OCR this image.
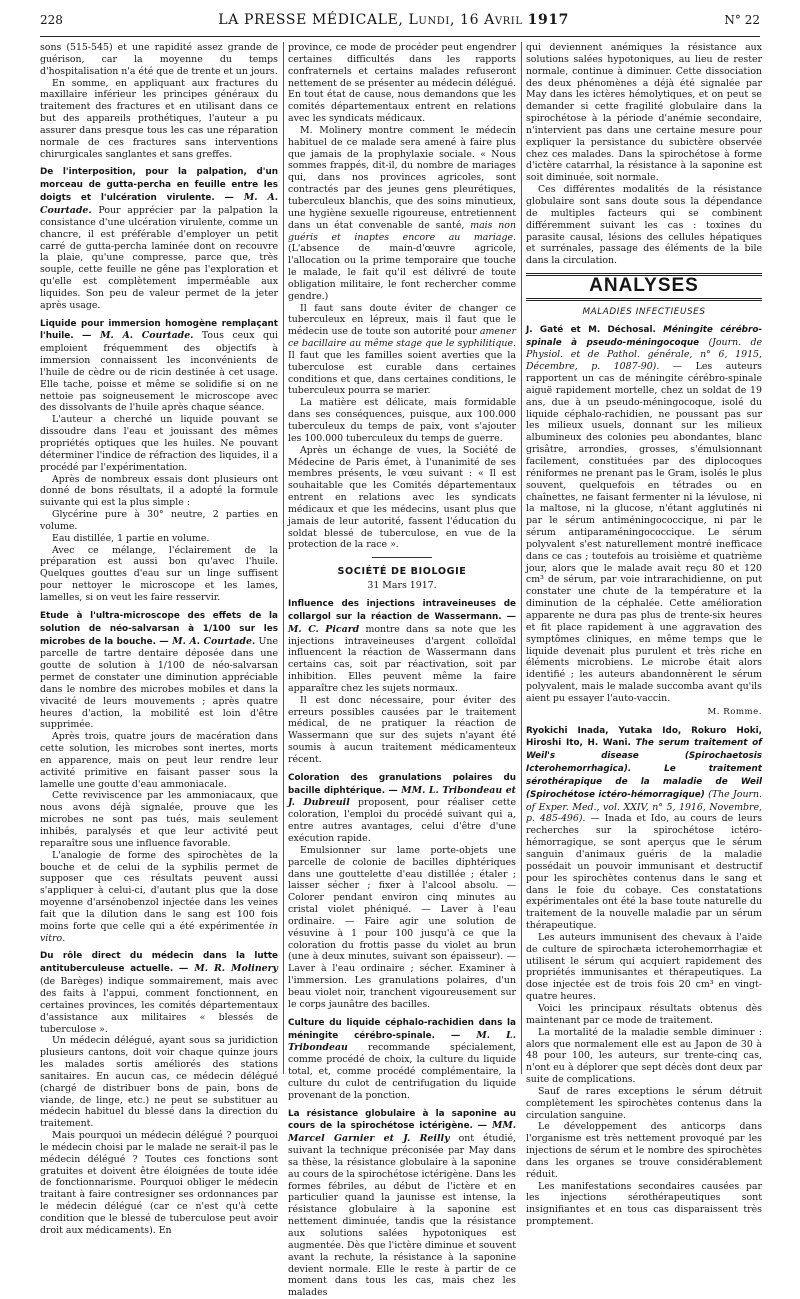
228	LA PRESSE MÉDICALE, Lundi, 16 Avril 1917	N° 22

sons (515-545) et une rapidité assez grande de guérison, car la moyenne du temps d'hospitalisation n'a été que de trente et un jours.

En somme, en appliquant aux fractures du maxillaire inférieur les principes généraux du traitement des fractures et en utilisant dans ce but des appareils prothétiques, l'auteur a pu assurer dans presque tous les cas une réparation normale de ces fractures sans interventions chirurgicales sanglantes et sans greffes.

De l'interposition, pour la palpation, d'un morceau de gutta-percha en feuille entre les doigts et l'ulcération virulente. — M. A. Courtade. Pour apprécier par la palpation la consistance d'une ulcération virulente, comme un chancre, il est préférable d'employer un petit carré de gutta-percha laminée dont on recouvre la plaie, qu'une compresse, parce que, très souple, cette feuille ne gêne pas l'exploration et qu'elle est complètement imperméable aux liquides. Son peu de valeur permet de la jeter après usage.

Liquide pour immersion homogène remplaçant l'huile. — M. A. Courtade. Tous ceux qui emploient fréquemment des objectifs à immersion connaissent les inconvénients de l'huile de cèdre ou de ricin destinée à cet usage. Elle tache, poisse et même se solidifie si on ne nettoie pas soigneusement le microscope avec des dissolvants de l'huile après chaque séance.

L'auteur a cherché un liquide pouvant se dissoudre dans l'eau et jouissant des mêmes propriétés optiques que les huiles. Ne pouvant déterminer l'indice de réfraction des liquides, il a procédé par l'expérimentation.

Après de nombreux essais dont plusieurs ont donné de bons résultats, il a adopté la formule suivante qui est la plus simple :

Glycérine pure à 30° neutre, 2 parties en volume.

Eau distillée, 1 partie en volume.

Avec ce mélange, l'éclairement de la préparation est aussi bon qu'avec l'huile. Quelques gouttes d'eau sur un linge suffisent pour nettoyer le microscope et les lames, lamelles, si on veut les faire resservir.

Etude à l'ultra-microscope des effets de la solution de néo-salvarsan à 1/100 sur les microbes de la bouche. — M. A. Courtade. Une parcelle de tartre dentaire déposée dans une goutte de solution à 1/100 de néo-salvarsan permet de constater une diminution appréciable dans le nombre des microbes mobiles et dans la vivacité de leurs mouvements ; après quatre heures d'action, la mobilité est loin d'être supprimée.

Après trois, quatre jours de macération dans cette solution, les microbes sont inertes, morts en apparence, mais on peut leur rendre leur activité primitive en faisant passer sous la lamelle une goutte d'eau ammoniacale.

Cette reviviscence par les ammoniacaux, que nous avons déjà signalée, prouve que les microbes ne sont pas tués, mais seulement inhibés, paralysés et que leur activité peut reparaître sous une influence favorable.

L'analogie de forme des spirochètes de la bouche et de celui de la syphilis permet de supposer que ces résultats peuvent aussi s'appliquer à celui-ci, d'autant plus que la dose moyenne d'arsénobenzol injectée dans les veines fait que la dilution dans le sang est 100 fois moins forte que celle qui a été expérimentée in vitro.

Du rôle direct du médecin dans la lutte antituberculeuse actuelle. — M. R. Molinery (de Barèges) indique sommairement, mais avec des faits à l'appui, comment fonctionnent, en certaines provinces, les comités départementaux d'assistance aux militaires « blessés de tuberculose ».

Un médecin délégué, ayant sous sa juridiction plusieurs cantons, doit voir chaque quinze jours les malades sortis améliorés des stations sanitaires. En aucun cas, ce médecin délégué (chargé de distribuer bons de pain, bons de viande, de linge, etc.) ne peut se substituer au médecin habituel du blessé dans la direction du traitement.

Mais pourquoi un médecin délégué ? pourquoi le médecin choisi par le malade ne serait-il pas le médecin délégué ? Toutes ces fonctions sont gratuites et doivent être éloignées de toute idée de fonctionnarisme. Pourquoi obliger le médecin traitant à faire contresigner ses ordonnances par le médecin délégué (car ce n'est qu'à cette condition que le blessé de tuberculose peut avoir droit aux médicaments). En

province, ce mode de procéder peut engendrer certaines difficultés dans les rapports confraternels et certains malades refuseront nettement de se présenter au médecin délégué. En tout état de cause, nous demandons que les comités départementaux entrent en relations avec les syndicats médicaux.

M. Molinery montre comment le médecin habituel de ce malade sera amené à faire plus que jamais de la prophylaxie sociale. « Nous sommes frappés, dit-il, du nombre de mariages qui, dans nos provinces agricoles, sont contractés par des jeunes gens pleurétiques, tuberculeux blanchis, que des soins minutieux, une hygiène sexuelle rigoureuse, entretiennent dans un état convenable de santé, mais non guéris et inaptes encore au mariage. (L'absence de main-d'œuvre agricole, l'allocation ou la prime temporaire que touche le malade, le fait qu'il est délivré de toute obligation militaire, le font rechercher comme gendre.)

Il faut sans doute éviter de changer ce tuberculeux en lépreux, mais il faut que le médecin use de toute son autorité pour amener ce bacillaire au même stage que le syphilitique. Il faut que les familles soient averties que la tuberculose est curable dans certaines conditions et que, dans certaines conditions, le tuberculeux pourra se marier.

La matière est délicate, mais formidable dans ses conséquences, puisque, aux 100.000 tuberculeux du temps de paix, vont s'ajouter les 100.000 tuberculeux du temps de guerre.

Après un échange de vues, la Société de Médecine de Paris émet, à l'unanimité de ses membres présents, le vœu suivant : « Il est souhaitable que les Comités départementaux entrent en relations avec les syndicats médicaux et que les médecins, usant plus que jamais de leur autorité, fassent l'éducation du soldat blessé de tuberculose, en vue de la protection de la race ».

SOCIÉTÉ DE BIOLOGIE

31 Mars 1917.

Influence des injections intraveineuses de collargol sur la réaction de Wassermann. — M. C. Picard montre dans sa note que les injections intraveineuses d'argent colloïdal influencent la réaction de Wassermann dans certains cas, soit par réactivation, soit par inhibition. Elles peuvent même la faire apparaître chez les sujets normaux.

Il est donc nécessaire, pour éviter des erreurs possibles causées par le traitement médical, de ne pratiquer la réaction de Wassermann que sur des sujets n'ayant été soumis à aucun traitement médicamenteux récent.

Coloration des granulations polaires du bacille diphtérique. — MM. L. Tribondeau et J. Dubreuil proposent, pour réaliser cette coloration, l'emploi du procédé suivant qui a, entre autres avantages, celui d'être d'une exécution rapide.

Emulsionner sur lame porte-objets une parcelle de colonie de bacilles diphtériques dans une gouttelette d'eau distillée ; étaler ; laisser sécher ; fixer à l'alcool absolu. — Colorer pendant environ cinq minutes au cristal violet phéniqué. — Laver à l'eau ordinaire. — Faire agir une solution de vésuvine à 1 pour 100 jusqu'à ce que la coloration du frottis passe du violet au brun (une à deux minutes, suivant son épaisseur). — Laver à l'eau ordinaire ; sécher. Examiner à l'immersion. Les granulations polaires, d'un beau violet noir, tranchent vigoureusement sur le corps jaunâtre des bacilles.

Culture du liquide céphalo-rachidien dans la méningite cérébro-spinale. — M. L. Tribondeau recommande spécialement, comme procédé de choix, la culture du liquide total, et, comme procédé complémentaire, la culture du culot de centrifugation du liquide provenant de la ponction.

La résistance globulaire à la saponine au cours de la spirochétose ictérigène. — MM. Marcel Garnier et J. Reilly ont étudié, suivant la technique préconisée par May dans sa thèse, la résistance globulaire à la saponine au cours de la spirochétose ictérigène. Dans les formes fébriles, au début de l'ictère et en particulier quand la jaunisse est intense, la résistance globulaire à la saponine est nettement diminuée, tandis que la résistance aux solutions salées hypotoniques est augmentée. Dès que l'ictère diminue et souvent avant la rechute, la résistance à la saponine devient normale. Elle le reste à partir de ce moment dans tous les cas, mais chez les malades

qui deviennent anémiques la résistance aux solutions salées hypotoniques, au lieu de rester normale, continue à diminuer. Cette dissociation des deux phénomènes a déjà été signalée par May dans les ictères hémolytiques, et on peut se demander si cette fragilité globulaire dans la spirochétose à la période d'anémie secondaire, n'intervient pas dans une certaine mesure pour expliquer la persistance du subictère observée chez ces malades. Dans la spirochétose à forme d'ictère catarrhal, la résistance à la saponine est soit diminuée, soit normale.

Ces différentes modalités de la résistance globulaire sont sans doute sous la dépendance de multiples facteurs qui se combinent différemment suivant les cas : toxines du parasite causal, lésions des cellules hépatiques et surrénales, passage des éléments de la bile dans la circulation.

ANALYSES

MALADIES INFECTIEUSES

J. Gaté et M. Déchosal. Méningite cérébro-spinale à pseudo-méningocoque (Journ. de Physiol. et de Pathol. générale, n° 6, 1915, Décembre, p. 1087-90). — Les auteurs rapportent un cas de méningite cérébro-spinale aiguë rapidement mortelle, chez un soldat de 19 ans, due à un pseudo-méningocoque, isolé du liquide céphalo-rachidien, ne poussant pas sur les milieux usuels, donnant sur les milieux albumineux des colonies peu abondantes, blanc grisâtre, arrondies, grosses, s'émulsionnant facilement, constituées par des diplocoques réniformes ne prenant pas le Gram, isolés le plus souvent, quelquefois en tétrades ou en chaînettes, ne faisant fermenter ni la lévulose, ni la maltose, ni la glucose, n'étant agglutinés ni par le sérum antiméningococcique, ni par le sérum antiparaméningococcique. Le sérum polyvalent s'est naturellement montré inefficace dans ce cas ; toutefois au troisième et quatrième jour, alors que le malade avait reçu 80 et 120 cm³ de sérum, par voie intrarachidienne, on put constater une chute de la température et la diminution de la céphalée. Cette amélioration apparente ne dura pas plus de trente-six heures et fit place rapidement à une aggravation des symptômes cliniques, en même temps que le liquide devenait plus purulent et très riche en éléments microbiens. Le microbe était alors identifié ; les auteurs abandonnèrent le sérum polyvalent, mais le malade succomba avant qu'ils aient pu essayer l'auto-vaccin.

M. Romme.

Ryokichi Inada, Yutaka Ido, Rokuro Hoki, Hiroshi Ito, H. Wani. The serum traitement of Weil's disease (Spirochaetosis Icterohemorrhagica). Le traitement sérothérapique de la maladie de Weil (Spirochétose ictéro-hémorragique) (The Journ. of Exper. Med., vol. XXIV, n° 5, 1916, Novembre, p. 485-496). — Inada et Ido, au cours de leurs recherches sur la spirochétose ictéro-hémorragique, se sont aperçus que le sérum sanguin d'animaux guéris de la maladie possédait un pouvoir immunisant et destructif pour les spirochètes contenus dans le sang et dans le foie du cobaye. Ces constatations expérimentales ont été la base toute naturelle du traitement de la nouvelle maladie par un sérum thérapeutique.

Les auteurs immunisent des chevaux à l'aide de culture de spirochæta icterohemorrhagiæ et utilisent le sérum qui acquiert rapidement des propriétés immunisantes et thérapeutiques. La dose injectée est de trois fois 20 cm³ en vingt-quatre heures.

Voici les principaux résultats obtenus dès maintenant par ce mode de traitement.

La mortalité de la maladie semble diminuer : alors que normalement elle est au Japon de 30 à 48 pour 100, les auteurs, sur trente-cinq cas, n'ont eu à déplorer que sept décès dont deux par suite de complications.

Sauf de rares exceptions le sérum détruit complètement les spirochètes contenus dans la circulation sanguine.

Le développement des anticorps dans l'organisme est très nettement provoqué par les injections de sérum et le nombre des spirochètes dans les organes se trouve considérablement réduit.

Les manifestations secondaires causées par les injections sérothérapeutiques sont insignifiantes et en tous cas disparaissent très promptement.
